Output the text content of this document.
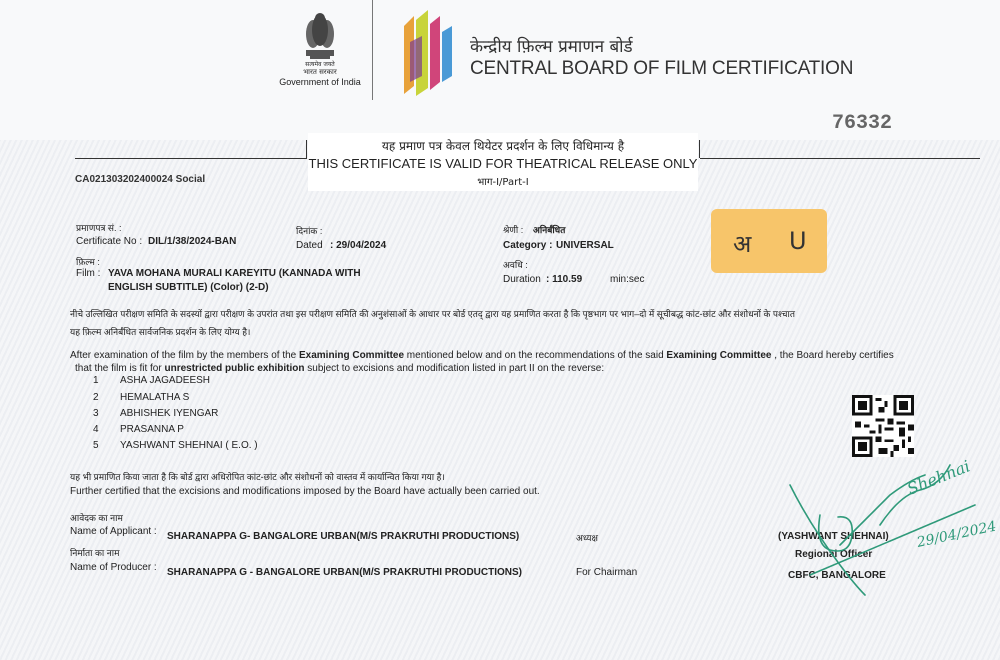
सत्यमेव जयते
भारत सरकार
Government of India
केन्द्रीय फ़िल्म प्रमाणन बोर्ड
CENTRAL BOARD OF FILM CERTIFICATION
76332
यह प्रमाण पत्र केवल थियेटर प्रदर्शन के लिए विधिमान्य है
THIS CERTIFICATE IS VALID FOR THEATRICAL RELEASE ONLY
भाग-I/Part-I
CA021303202400024 Social
प्रमाणपत्र सं. :
Certificate No : DIL/1/38/2024-BAN
दिनांक :
Dated : 29/04/2024
श्रेणी : अनिर्बंधित
Category : UNIVERSAL
फ़िल्म :
Film : YAVA MOHANA MURALI KAREYITU (KANNADA WITH
ENGLISH SUBTITLE) (Color) (2-D)
अवधि :
Duration : 110.59	min:sec
अ U
नीचे उल्लिखित परीक्षण समिति के सदस्यों द्वारा परीक्षण के उपरांत तथा इस परीक्षण समिति की अनुशंसाओं के आधार पर बोर्ड एतद् द्वारा यह प्रमाणित करता है कि पृष्ठभाग पर भाग–दो में सूचीबद्ध कांट-छांट और संशोधनों के पश्चात
यह फ़िल्म अनिर्बंधित सार्वजनिक प्रदर्शन के लिए योग्य है।
After examination of the film by the members of the Examining Committee mentioned below and on the recommendations of the said Examining Committee , the Board hereby certifies
that the film is fit for unrestricted public exhibition subject to excisions and modification listed in part II on the reverse:
1 ASHA JAGADEESH
2 HEMALATHA S
3 ABHISHEK IYENGAR
4 PRASANNA P
5 YASHWANT SHEHNAI ( E.O. )
यह भी प्रमाणित किया जाता है कि बोर्ड द्वारा अधिरोपित कांट-छांट और संशोधनों को वास्तव में कार्यान्वित किया गया है।
Further certified that the excisions and modifications imposed by the Board have actually been carried out.
आवेदक का नाम
Name of Applicant : SHARANAPPA G- BANGALORE URBAN(M/S PRAKRUTHI PRODUCTIONS)	अध्यक्ष
निर्माता का नाम
Name of Producer : SHARANAPPA G - BANGALORE URBAN(M/S PRAKRUTHI PRODUCTIONS)	For Chairman
(YASHWANT SHEHNAI)
Regional Officer
CBFC, BANGALORE
Shehnai
29/04/2024
